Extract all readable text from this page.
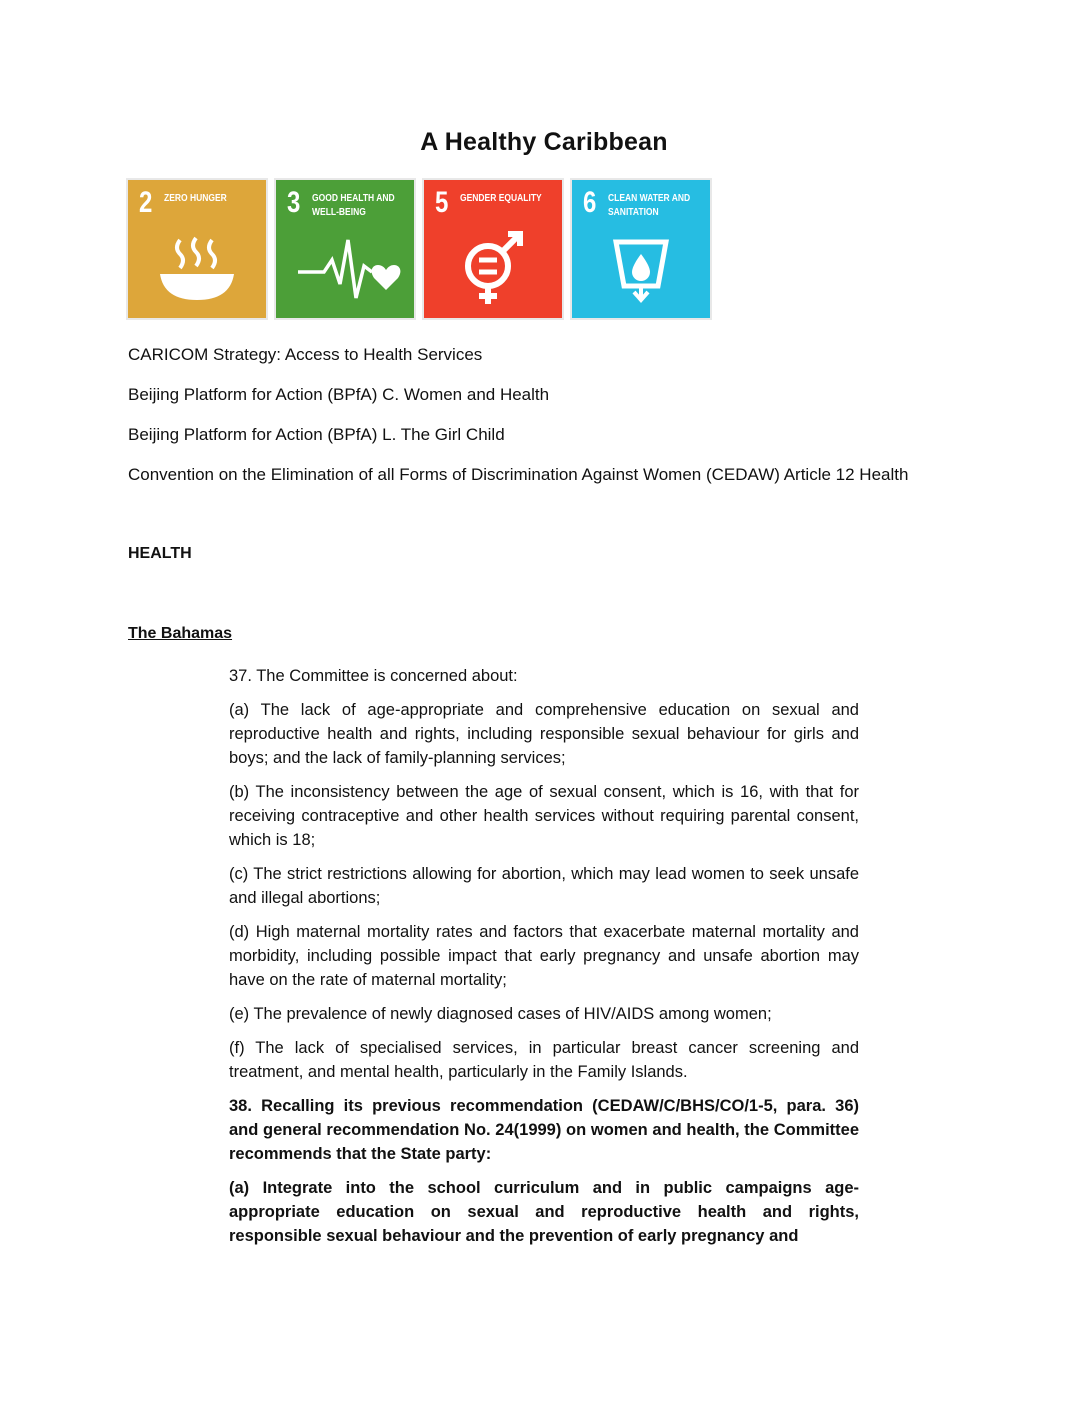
A Healthy Caribbean
2 ZERO HUNGER	3 GOOD HEALTH AND WELL-BEING	5 GENDER EQUALITY 6 CLEAN WATER AND SANITATION
CARICOM Strategy: Access to Health Services
Beijing Platform for Action (BPfA) C. Women and Health
Beijing Platform for Action (BPfA) L. The Girl Child
Convention on the Elimination of all Forms of Discrimination Against Women (CEDAW) Article 12 Health
HEALTH
The Bahamas

37. The Committee is concerned about:

(a) The lack of age-appropriate and comprehensive education on sexual and reproductive health and rights, including responsible sexual behaviour for girls and boys; and the lack of family-planning services;

(b) The inconsistency between the age of sexual consent, which is 16, with that for receiving contraceptive and other health services without requiring parental consent, which is 18;

(c) The strict restrictions allowing for abortion, which may lead women to seek unsafe and illegal abortions;

(d) High maternal mortality rates and factors that exacerbate maternal mortality and morbidity, including possible impact that early pregnancy and unsafe abortion may have on the rate of maternal mortality;

(e) The prevalence of newly diagnosed cases of HIV/AIDS among women;

(f) The lack of specialised services, in particular breast cancer screening and treatment, and mental health, particularly in the Family Islands.

38. Recalling its previous recommendation (CEDAW/C/BHS/CO/1-5, para. 36) and general recommendation No. 24(1999) on women and health, the Committee recommends that the State party:

(a) Integrate into the school curriculum and in public campaigns age-appropriate education on sexual and reproductive health and rights, responsible sexual behaviour and the prevention of early pregnancy and
